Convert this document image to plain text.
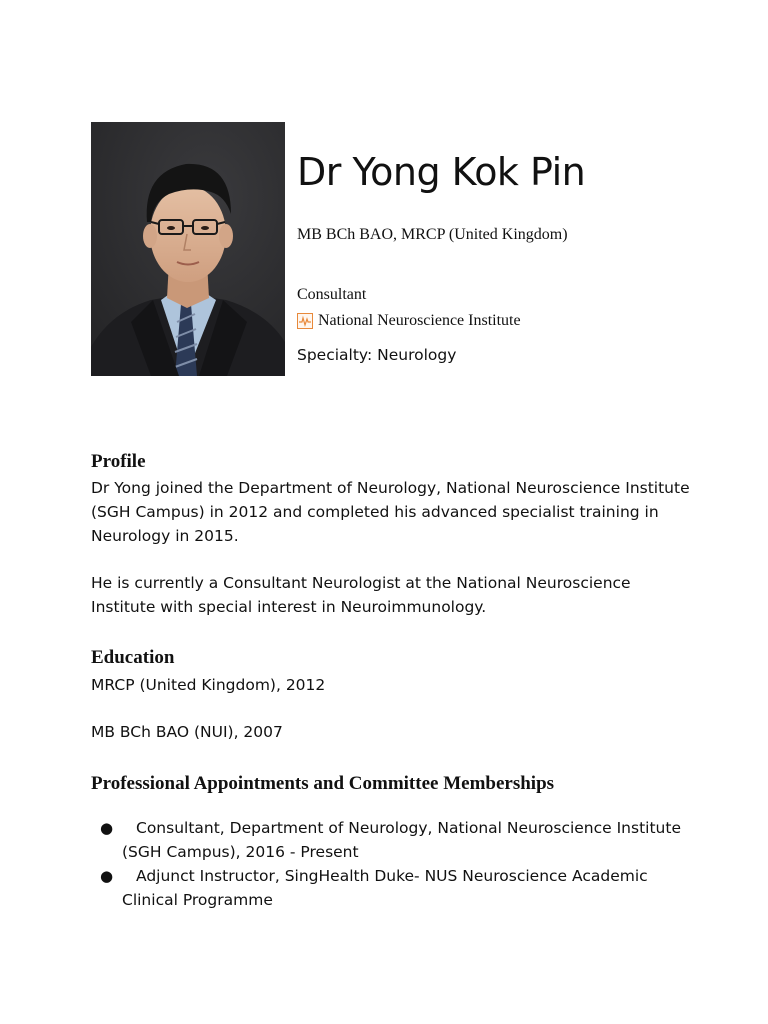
Dr Yong Kok Pin
MB BCh BAO, MRCP (United Kingdom)
Consultant
National Neuroscience Institute
Specialty: Neurology
Profile
Dr Yong joined the Department of Neurology, National Neuroscience Institute (SGH Campus) in 2012 and completed his advanced specialist training in Neurology in 2015.
He is currently a Consultant Neurologist at the National Neuroscience Institute with special interest in Neuroimmunology.
Education
MRCP (United Kingdom), 2012
MB BCh BAO (NUI), 2007
Professional Appointments and Committee Memberships
●	Consultant, Department of Neurology, National Neuroscience Institute (SGH Campus), 2016 - Present
●	Adjunct Instructor, SingHealth Duke- NUS Neuroscience Academic Clinical Programme
